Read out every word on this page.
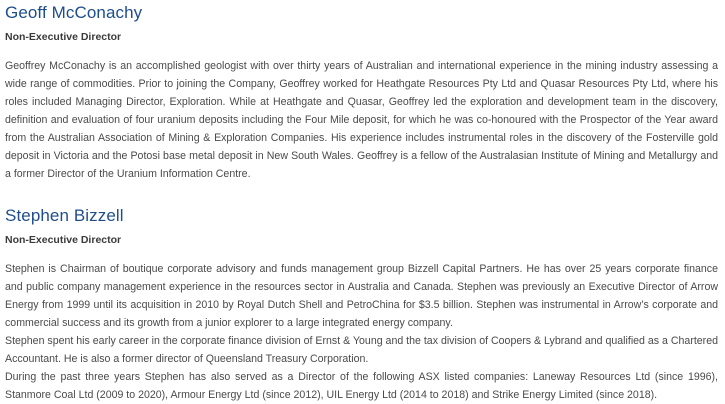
Geoff McConachy
Non-Executive Director

Geoffrey McConachy is an accomplished geologist with over thirty years of Australian and international experience in the mining industry assessing a wide range of commodities. Prior to joining the Company, Geoffrey worked for Heathgate Resources Pty Ltd and Quasar Resources Pty Ltd, where his roles included Managing Director, Exploration. While at Heathgate and Quasar, Geoffrey led the exploration and development team in the discovery, definition and evaluation of four uranium deposits including the Four Mile deposit, for which he was co-honoured with the Prospector of the Year award from the Australian Association of Mining & Exploration Companies. His experience includes instrumental roles in the discovery of the Fosterville gold deposit in Victoria and the Potosi base metal deposit in New South Wales. Geoffrey is a fellow of the Australasian Institute of Mining and Metallurgy and a former Director of the Uranium Information Centre.

Stephen Bizzell
Non-Executive Director

Stephen is Chairman of boutique corporate advisory and funds management group Bizzell Capital Partners. He has over 25 years corporate finance and public company management experience in the resources sector in Australia and Canada. Stephen was previously an Executive Director of Arrow Energy from 1999 until its acquisition in 2010 by Royal Dutch Shell and PetroChina for $3.5 billion. Stephen was instrumental in Arrow’s corporate and commercial success and its growth from a junior explorer to a large integrated energy company.

Stephen spent his early career in the corporate finance division of Ernst & Young and the tax division of Coopers & Lybrand and qualified as a Chartered Accountant. He is also a former director of Queensland Treasury Corporation.

During the past three years Stephen has also served as a Director of the following ASX listed companies: Laneway Resources Ltd (since 1996), Stanmore Coal Ltd (2009 to 2020), Armour Energy Ltd (since 2012), UIL Energy Ltd (2014 to 2018) and Strike Energy Limited (since 2018).
